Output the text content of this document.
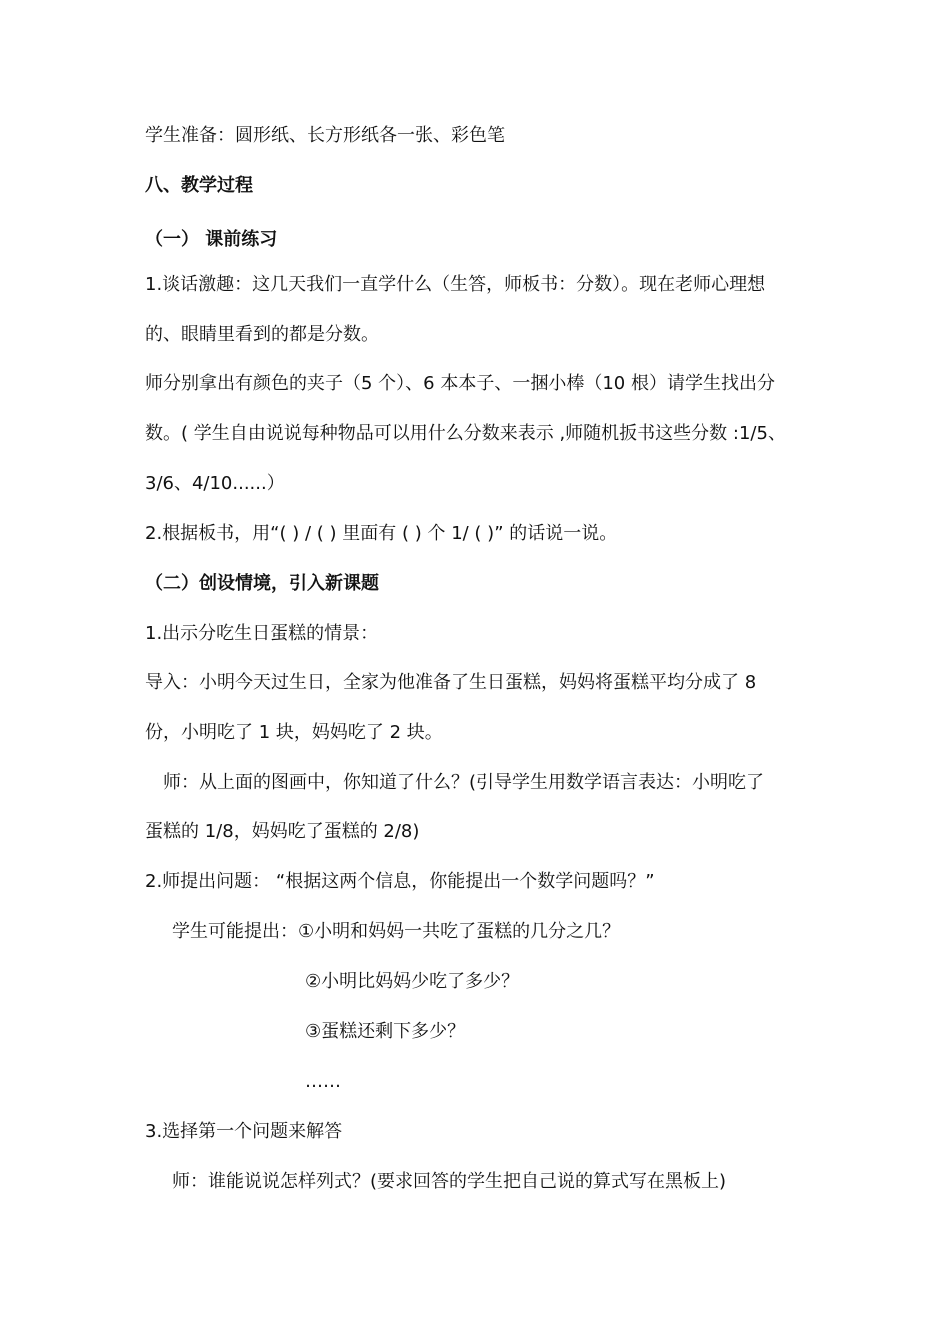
学生准备：圆形纸、长方形纸各一张、彩色笔
八、教学过程
（一） 课前练习
1.谈话激趣：这几天我们一直学什么（生答，师板书：分数）。现在老师心理想
的、眼睛里看到的都是分数。
师分别拿出有颜色的夹子（5 个）、6 本本子、一捆小棒（10 根）请学生找出分
数。( 学生自由说说每种物品可以用什么分数来表示 ,师随机扳书这些分数 :1/5、
3/6、4/10......）
2.根据板书，用“( ) / ( ) 里面有 ( ) 个 1/ ( )” 的话说一说。
（二）创设情境，引入新课题
1.出示分吃生日蛋糕的情景：
导入：小明今天过生日，全家为他准备了生日蛋糕，妈妈将蛋糕平均分成了 8
份，小明吃了 1 块，妈妈吃了 2 块。
师：从上面的图画中，你知道了什么？(引导学生用数学语言表达：小明吃了
蛋糕的 1/8，妈妈吃了蛋糕的 2/8)
2.师提出问题： “根据这两个信息，你能提出一个数学问题吗？”
学生可能提出：①小明和妈妈一共吃了蛋糕的几分之几？
②小明比妈妈少吃了多少？
③蛋糕还剩下多少？
……
3.选择第一个问题来解答
师：谁能说说怎样列式？(要求回答的学生把自己说的算式写在黑板上)
